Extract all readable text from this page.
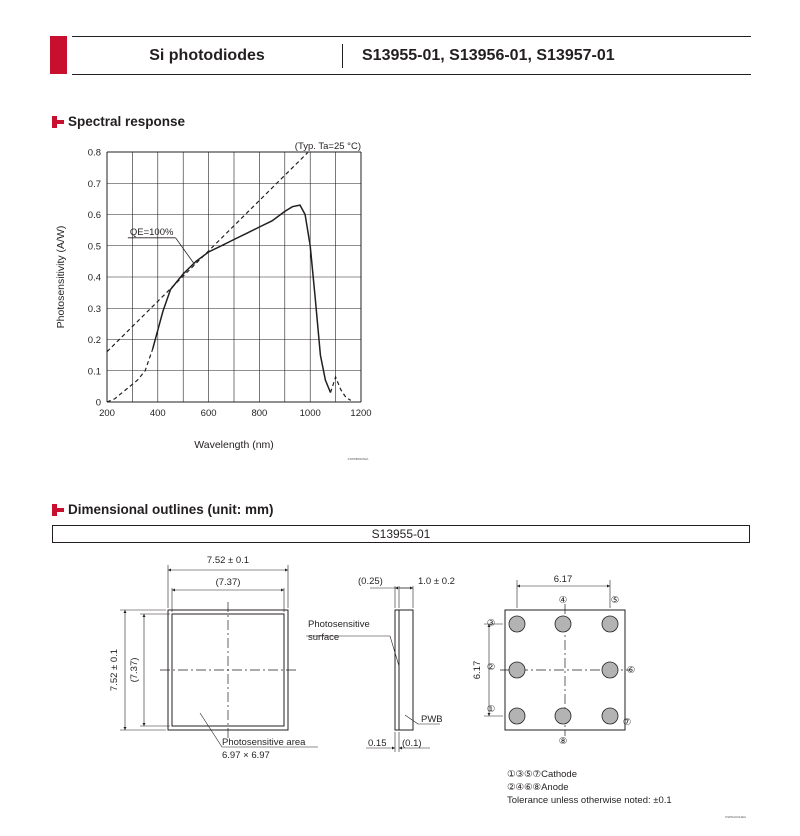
Si photodiodes	S13955-01, S13956-01, S13957-01
Spectral response
0
0.1
0.2
0.3
0.4
0.5
0.6
0.7
0.8
200	400	600	800	1000	1200
QE=100%
(Typ. Ta=25 °C)
Wavelength (nm)
Photosensitivity (A/W)
KSPDB0367EA
Dimensional outlines (unit: mm)
S13955-01
7.52 ± 0.1
(7.37)
7.52 ± 0.1 (7.37)
Photosensitive area
6.97 × 6.97
(0.25)	1.0 ± 0.2
Photosensitive
surface
PWB
0.15 (0.1)
6.17
6.17
③
④	⑤
②	⑥
①
⑧
⑦
KSPDA0314EA
①③⑤⑦Cathode
②④⑥⑧Anode
Tolerance unless otherwise noted: ±0.1
